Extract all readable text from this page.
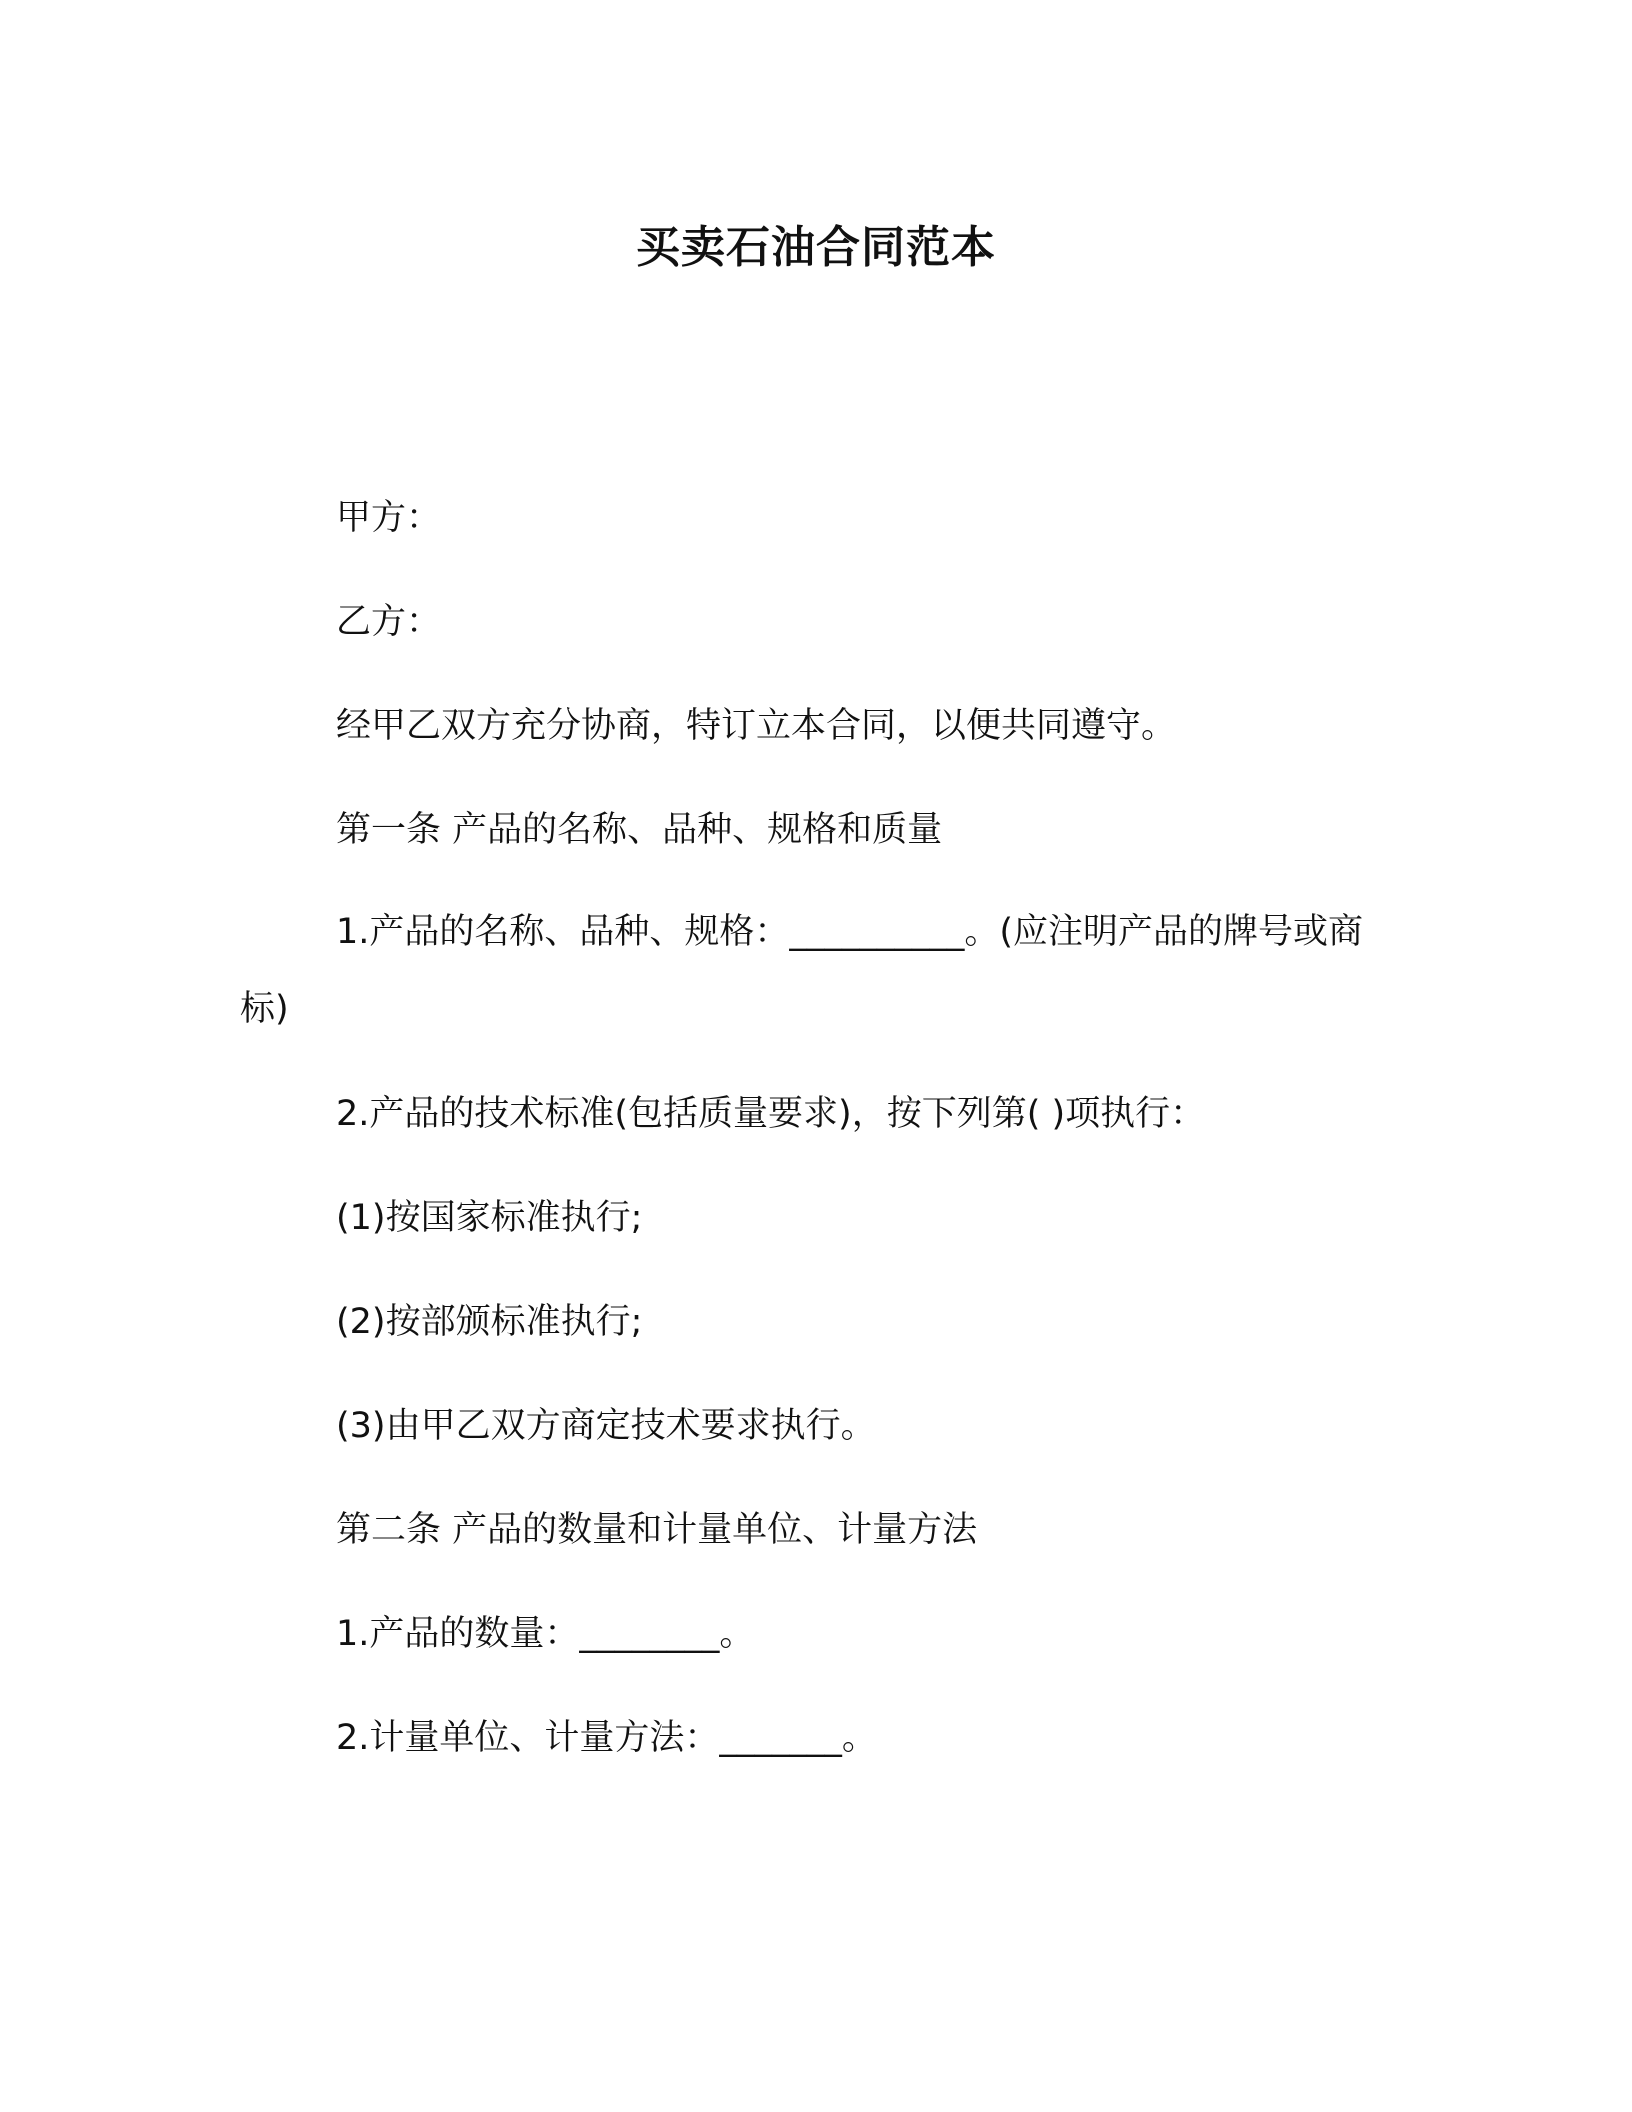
买卖石油合同范本
甲方：
乙方：
经甲乙双方充分协商，特订立本合同，以便共同遵守。
第一条 产品的名称、品种、规格和质量
1.产品的名称、品种、规格：__________。(应注明产品的牌号或商标)
2.产品的技术标准(包括质量要求)，按下列第( )项执行：
(1)按国家标准执行;
(2)按部颁标准执行;
(3)由甲乙双方商定技术要求执行。
第二条 产品的数量和计量单位、计量方法
1.产品的数量：________。
2.计量单位、计量方法：_______。
